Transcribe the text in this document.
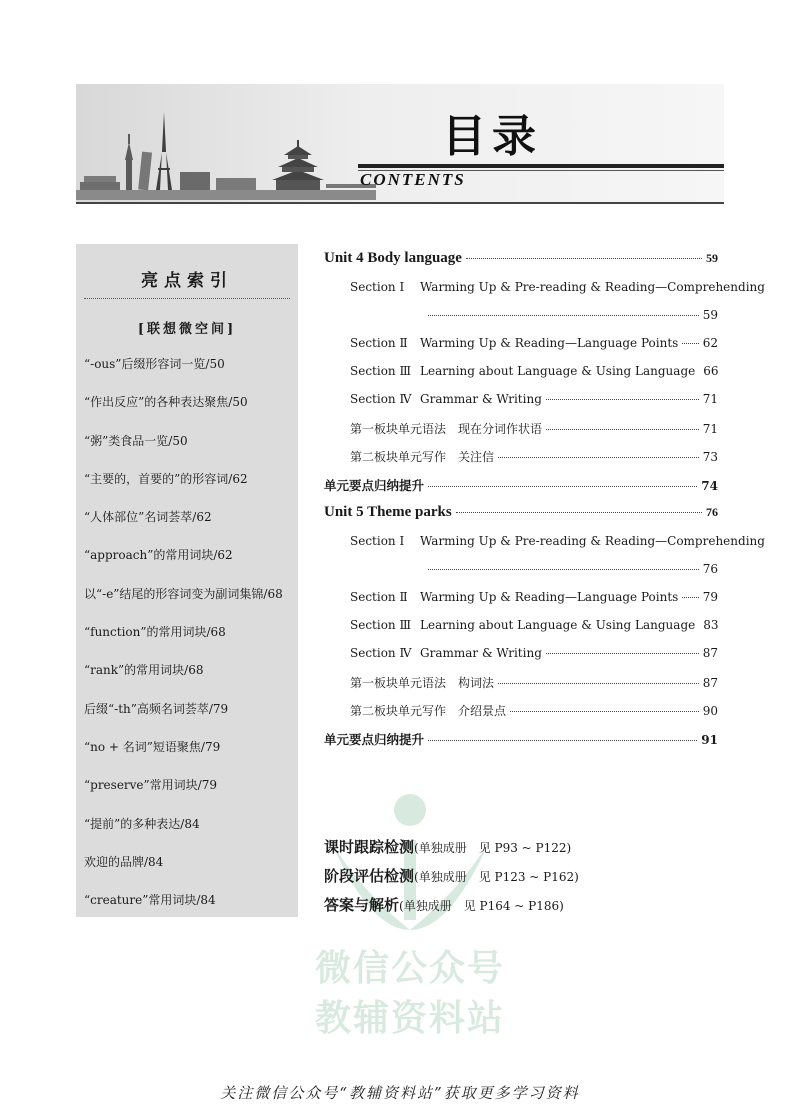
目录
CONTENTS
亮点索引
[联想微空间]
“-ous”后缀形容词一览/50
“作出反应”的各种表达聚焦/50
“粥”类食品一览/50
“主要的，首要的”的形容词/62
“人体部位”名词荟萃/62
“approach”的常用词块/62
以“-e”结尾的形容词变为副词集锦/68
“function”的常用词块/68
“rank”的常用词块/68
后缀“-th”高频名词荟萃/79
“no + 名词”短语聚焦/79
“preserve”常用词块/79
“提前”的多种表达/84
欢迎的品牌/84
“creature”常用词块/84
微信公众号
教辅资料站
Unit 4 Body language	59
Section Ⅰ Warming Up & Pre-reading & Reading—Comprehending
59
Section Ⅱ Warming Up & Reading—Language Points 62
Section Ⅲ Learning about Language & Using Language 66
Section Ⅳ Grammar & Writing	71
第一板块单元语法　现在分词作状语	71
第二板块单元写作　关注信	73
单元要点归纳提升	74
Unit 5 Theme parks	76
Section Ⅰ Warming Up & Pre-reading & Reading—Comprehending
76
Section Ⅱ Warming Up & Reading—Language Points 79
Section Ⅲ Learning about Language & Using Language 83
Section Ⅳ Grammar & Writing	87
第一板块单元语法　构词法	87
第二板块单元写作　介绍景点	90
单元要点归纳提升	91
课时跟踪检测(单独成册　见 P93 ~ P122)
阶段评估检测(单独成册　见 P123 ~ P162)
答案与解析(单独成册　见 P164 ~ P186)
关注微信公众号“教辅资料站”获取更多学习资料
